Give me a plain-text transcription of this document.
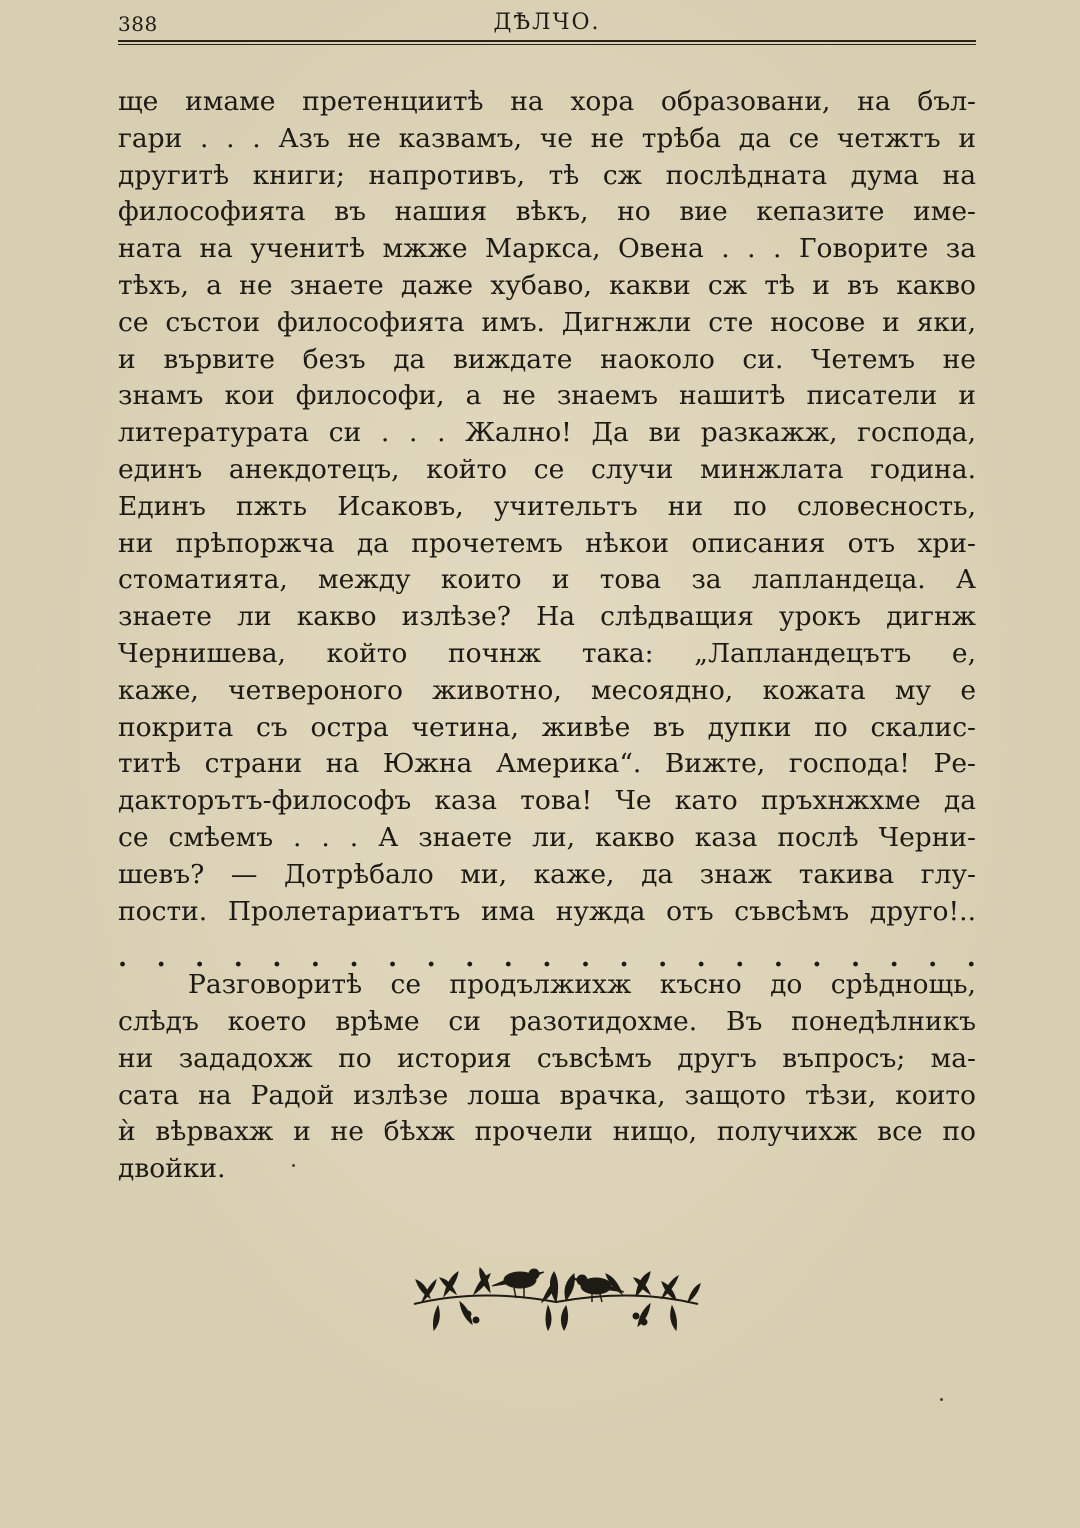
388	ДѢЛЧО.
ще имаме претенциитѣ на хора образовани, на бъл-
гари . . . Азъ не казвамъ, че не трѣба да се четжтъ и
другитѣ книги; напротивъ, тѣ сж послѣдната дума на
философията въ нашия вѣкъ, но вие кепазите име-
ната на ученитѣ мжже Маркса, Овена . . . Говорите за
тѣхъ, а не знаете даже хубаво, какви сж тѣ и въ какво
се състои философията имъ. Дигнжли сте носове и яки,
и вървите безъ да виждате наоколо си. Четемъ не
знамъ кои философи, а не знаемъ нашитѣ писатели и
литературата си . . . Жално! Да ви разкажж, господа,
единъ анекдотецъ, който се случи минжлата година.
Единъ пжть Исаковъ, учительтъ ни по словесность,
ни прѣпоржча да прочетемъ нѣкои описания отъ хри-
стоматията, между които и това за лапландеца. А
знаете ли какво излѣзе? На слѣдващия урокъ дигнж
Чернишева, който почнж така: „Лапландецътъ е,
каже, четвероного животно, месоядно, кожата му е
покрита съ остра четина, живѣе въ дупки по скалис-
титѣ страни на Южна Америка“. Вижте, господа! Ре-
дакторътъ-философъ каза това! Че като пръхнжхме да
се смѣемъ . . . А знаете ли, какво каза послѣ Черни-
шевъ? — Дотрѣбало ми, каже, да знаж такива глу-
пости. Пролетариатътъ има нужда отъ съвсѣмъ друго!..
. . . . . . . . . . . . . . . . . . . . . . .
Разговоритѣ се продължихж късно до срѣднощь,
слѣдъ което врѣме си разотидохме. Въ понедѣлникъ
ни зададохж по история съвсѣмъ другъ въпросъ; ма-
сата на Радой излѣзе лоша врачка, защото тѣзи, които
ѝ вѣрвахж и не бѣхж прочели нищо, получихж все по
двойки.
